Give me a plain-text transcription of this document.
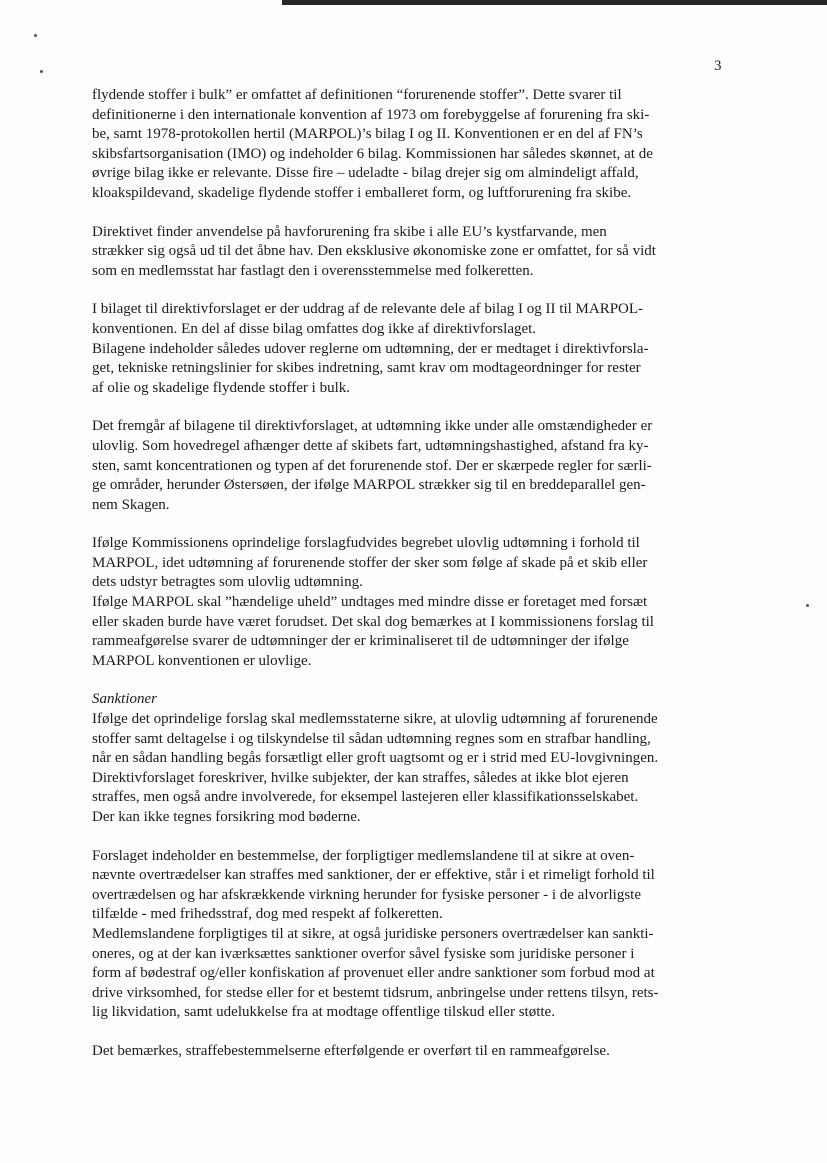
3
flydende stoffer i bulk” er omfattet af definitionen “forurenende stoffer”. Dette svarer til
definitionerne i den internationale konvention af 1973 om forebyggelse af forurening fra ski-
be, samt 1978-protokollen hertil (MARPOL)’s bilag I og II. Konventionen er en del af FN’s
skibsfartsorganisation (IMO) og indeholder 6 bilag. Kommissionen har således skønnet, at de
øvrige bilag ikke er relevante. Disse fire – udeladte - bilag drejer sig om almindeligt affald,
kloakspildevand, skadelige flydende stoffer i emballeret form, og luftforurening fra skibe.
Direktivet finder anvendelse på havforurening fra skibe i alle EU’s kystfarvande, men
strækker sig også ud til det åbne hav. Den eksklusive økonomiske zone er omfattet, for så vidt
som en medlemsstat har fastlagt den i overensstemmelse med folkeretten.
I bilaget til direktivforslaget er der uddrag af de relevante dele af bilag I og II til MARPOL-
konventionen. En del af disse bilag omfattes dog ikke af direktivforslaget.
Bilagene indeholder således udover reglerne om udtømning, der er medtaget i direktivforsla-
get, tekniske retningslinier for skibes indretning, samt krav om modtageordninger for rester
af olie og skadelige flydende stoffer i bulk.
Det fremgår af bilagene til direktivforslaget, at udtømning ikke under alle omstændigheder er
ulovlig. Som hovedregel afhænger dette af skibets fart, udtømningshastighed, afstand fra ky-
sten, samt koncentrationen og typen af det forurenende stof. Der er skærpede regler for særli-
ge områder, herunder Østersøen, der ifølge MARPOL strækker sig til en breddeparallel gen-
nem Skagen.
Ifølge Kommissionens oprindelige forslagfudvides begrebet ulovlig udtømning i forhold til
MARPOL, idet udtømning af forurenende stoffer der sker som følge af skade på et skib eller
dets udstyr betragtes som ulovlig udtømning.
Ifølge MARPOL skal ”hændelige uheld” undtages med mindre disse er foretaget med forsæt
eller skaden burde have været forudset. Det skal dog bemærkes at I kommissionens forslag til
rammeafgørelse svarer de udtømninger der er kriminaliseret til de udtømninger der ifølge
MARPOL konventionen er ulovlige.
Sanktioner
Ifølge det oprindelige forslag skal medlemsstaterne sikre, at ulovlig udtømning af forurenende
stoffer samt deltagelse i og tilskyndelse til sådan udtømning regnes som en strafbar handling,
når en sådan handling begås forsætligt eller groft uagtsomt og er i strid med EU-lovgivningen.
Direktivforslaget foreskriver, hvilke subjekter, der kan straffes, således at ikke blot ejeren
straffes, men også andre involverede, for eksempel lastejeren eller klassifikationsselskabet.
Der kan ikke tegnes forsikring mod bøderne.
Forslaget indeholder en bestemmelse, der forpligtiger medlemslandene til at sikre at oven-
nævnte overtrædelser kan straffes med sanktioner, der er effektive, står i et rimeligt forhold til
overtrædelsen og har afskrækkende virkning herunder for fysiske personer - i de alvorligste
tilfælde - med frihedsstraf, dog med respekt af folkeretten.
Medlemslandene forpligtiges til at sikre, at også juridiske personers overtrædelser kan sankti-
oneres, og at der kan iværksættes sanktioner overfor såvel fysiske som juridiske personer i
form af bødestraf og/eller konfiskation af provenuet eller andre sanktioner som forbud mod at
drive virksomhed, for stedse eller for et bestemt tidsrum, anbringelse under rettens tilsyn, rets-
lig likvidation, samt udelukkelse fra at modtage offentlige tilskud eller støtte.
Det bemærkes, straffebestemmelserne efterfølgende er overført til en rammeafgørelse.
